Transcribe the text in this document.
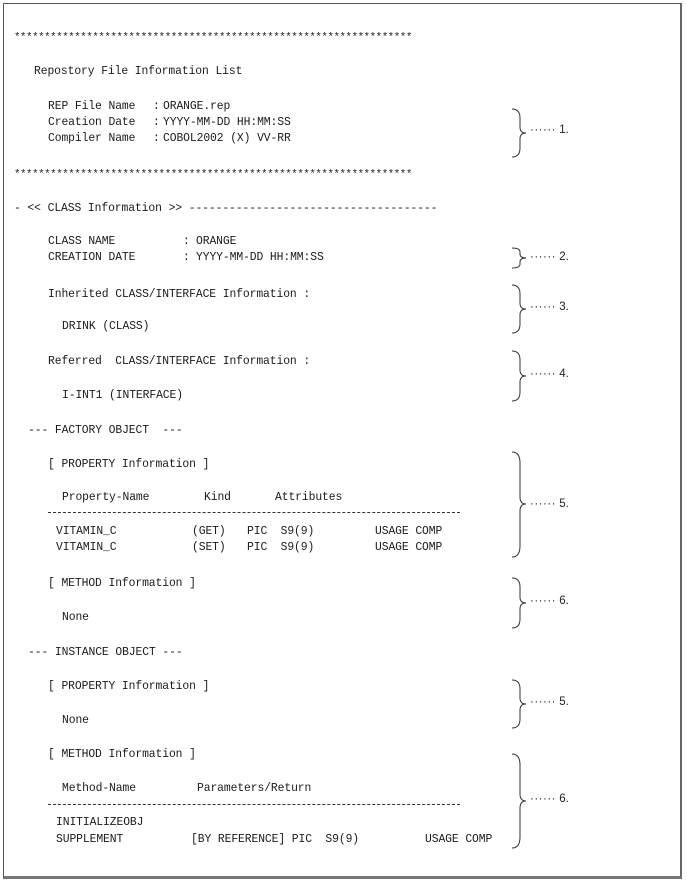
******************************************************************
Repostory File Information List
REP File Name : ORANGE.rep
Creation Date : YYYY-MM-DD HH:MM:SS
Compiler Name : COBOL2002 (X) VV-RR
******************************************************************
- << CLASS Information >> -------------------------------------
CLASS NAME	: ORANGE
CREATION DATE	: YYYY-MM-DD HH:MM:SS
Inherited CLASS/INTERFACE Information :
DRINK (CLASS)
Referred  CLASS/INTERFACE Information :
I-INT1 (INTERFACE)
--- FACTORY OBJECT  ---
[ PROPERTY Information ]
Property-Name	Kind	Attributes
VITAMIN_C	(GET) PIC  S9(9)	USAGE COMP
VITAMIN_C	(SET) PIC  S9(9)	USAGE COMP
[ METHOD Information ]
None
--- INSTANCE OBJECT ---
[ PROPERTY Information ]
None
[ METHOD Information ]
Method-Name	Parameters/Return
INITIALIZEOBJ
SUPPLEMENT	[BY REFERENCE] PIC  S9(9)	USAGE COMP
······ 1.
······ 2.
······ 3.
······ 4.
······ 5.
······ 6.
······ 5.
······ 6.
